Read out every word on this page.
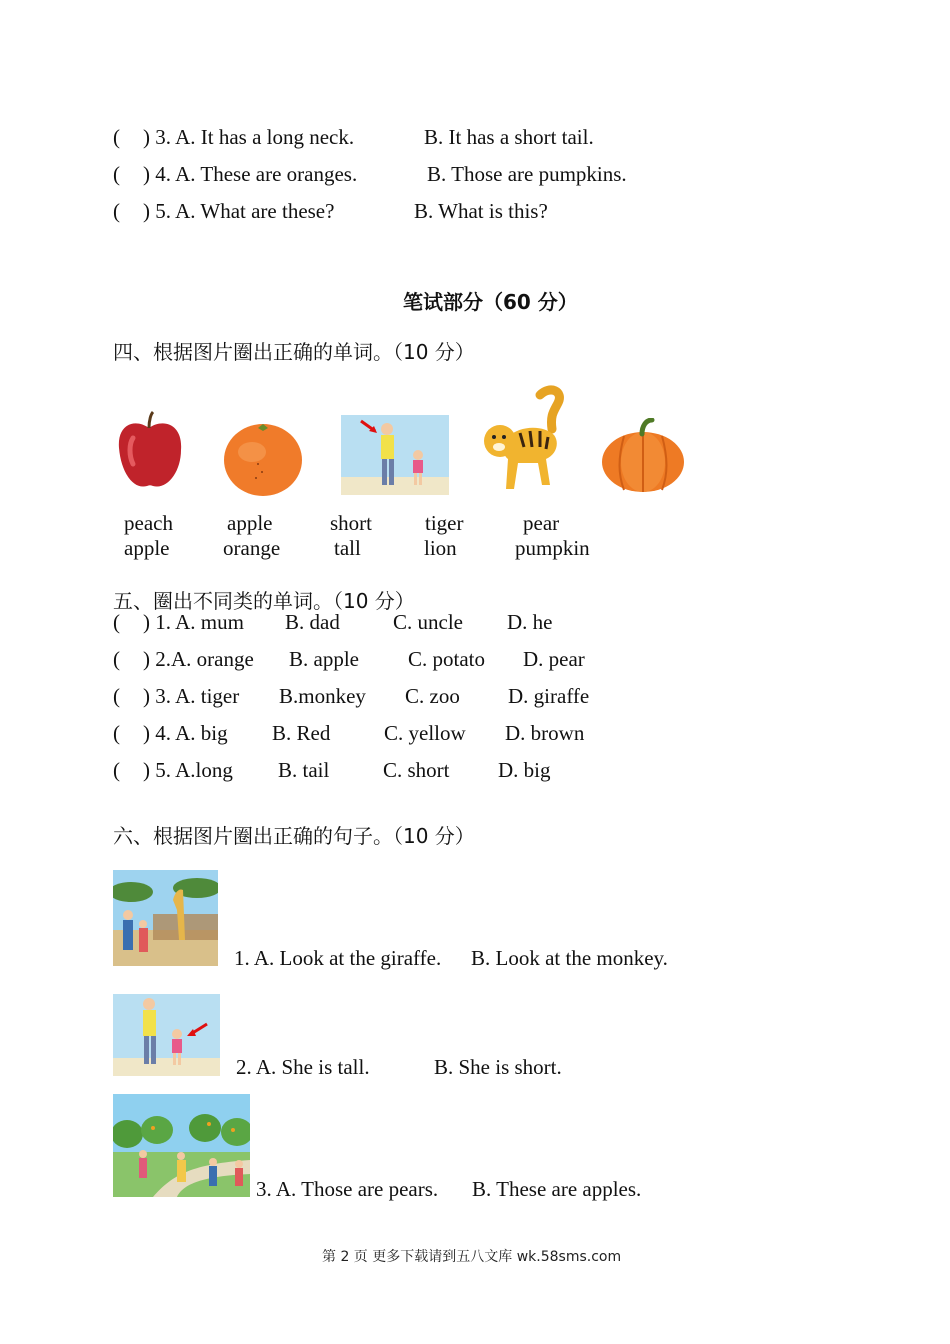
( ) 3. A. It has a long neck.	B. It has a short tail.
( ) 4. A. These are oranges.	B. Those are pumpkins.
( ) 5. A. What are these?	B. What is this?
笔试部分（60 分）
四、根据图片圈出正确的单词。（10 分）
peach
apple
apple
orange
short
tall
tiger
lion
pear
pumpkin
五、圈出不同类的单词。（10 分）
( ) 1. A. mum B. dad	C. uncle D. he
( ) 2.A. orange B. apple C. potato D. pear
( ) 3. A. tiger B.monkey C. zoo D. giraffe
( ) 4. A. big B. Red	C. yellow D. brown
( ) 5. A.long B. tail	C. short D. big
六、根据图片圈出正确的句子。（10 分）
1. A. Look at the giraffe. B. Look at the monkey.
2. A. She is tall.	B. She is short.
3. A. Those are pears. B. These are apples.
第 2 页 更多下载请到五八文库 wk.58sms.com
